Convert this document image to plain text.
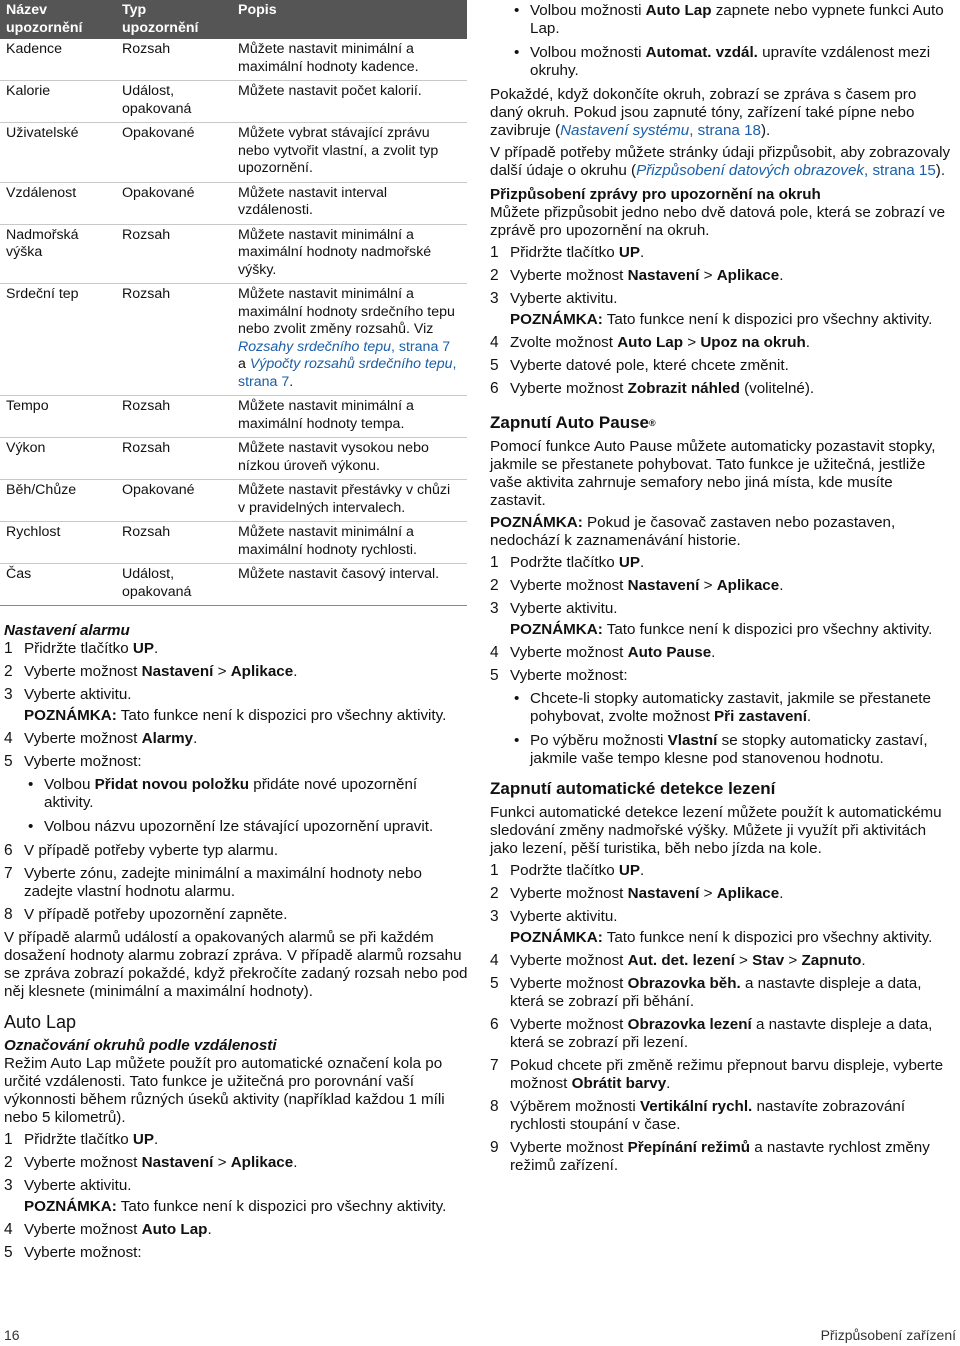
Název upozornění	Typ upozornění	Popis
Kadence	Rozsah	Můžete nastavit minimální a maximální hodnoty kadence.
Kalorie	Událost, opakovaná	Můžete nastavit počet kalorií.
Uživatelské	Opakované	Můžete vybrat stávající zprávu nebo vytvořit vlastní, a zvolit typ upozornění.
Vzdálenost	Opakované	Můžete nastavit interval vzdálenosti.
Nadmořská výška	Rozsah	Můžete nastavit minimální a maximální hodnoty nadmořské výšky.
Srdeční tep	Rozsah	Můžete nastavit minimální a maximální hodnoty srdečního tepu nebo zvolit změny rozsahů. Viz Rozsahy srdečního tepu, strana 7 a Výpočty rozsahů srdečního tepu, strana 7.
Tempo	Rozsah	Můžete nastavit minimální a maximální hodnoty tempa.
Výkon	Rozsah	Můžete nastavit vysokou nebo nízkou úroveň výkonu.
Běh/Chůze	Opakované	Můžete nastavit přestávky v chůzi v pravidelných intervalech.
Rychlost	Rozsah	Můžete nastavit minimální a maximální hodnoty rychlosti.
Čas	Událost, opakovaná	Můžete nastavit časový interval.
Nastavení alarmu
1 Přidržte tlačítko UP.
2 Vyberte možnost Nastavení > Aplikace.
3 Vyberte aktivitu.
POZNÁMKA: Tato funkce není k dispozici pro všechny aktivity.
4 Vyberte možnost Alarmy.
5 Vyberte možnost:
• Volbou Přidat novou položku přidáte nové upozornění aktivity.
• Volbou názvu upozornění lze stávající upozornění upravit.
6 V případě potřeby vyberte typ alarmu.
7 Vyberte zónu, zadejte minimální a maximální hodnoty nebo zadejte vlastní hodnotu alarmu.
8 V případě potřeby upozornění zapněte.

V případě alarmů událostí a opakovaných alarmů se při každém dosažení hodnoty alarmu zobrazí zpráva. V případě alarmů rozsahu se zpráva zobrazí pokaždé, když překročíte zadaný rozsah nebo pod něj klesnete (minimální a maximální hodnoty).

Auto Lap
Označování okruhů podle vzdálenosti

Režim Auto Lap můžete použít pro automatické označení kola po určité vzdálenosti. Tato funkce je užitečná pro porovnání vaší výkonnosti během různých úseků aktivity (například každou 1 míli nebo 5 kilometrů).

1 Přidržte tlačítko UP.
2 Vyberte možnost Nastavení > Aplikace.
3 Vyberte aktivitu.
POZNÁMKA: Tato funkce není k dispozici pro všechny aktivity.
4 Vyberte možnost Auto Lap.
5 Vyberte možnost:
• Volbou možnosti Auto Lap zapnete nebo vypnete funkci Auto Lap.
• Volbou možnosti Automat. vzdál. upravíte vzdálenost mezi okruhy.

Pokaždé, když dokončíte okruh, zobrazí se zpráva s časem pro daný okruh. Pokud jsou zapnuté tóny, zařízení také pípne nebo zavibruje (Nastavení systému, strana 18).

V případě potřeby můžete stránky údaji přizpůsobit, aby zobrazovaly další údaje o okruhu (Přizpůsobení datových obrazovek, strana 15).

Přizpůsobení zprávy pro upozornění na okruh

Můžete přizpůsobit jedno nebo dvě datová pole, která se zobrazí ve zprávě pro upozornění na okruh.

1 Přidržte tlačítko UP.
2 Vyberte možnost Nastavení > Aplikace.
3 Vyberte aktivitu.
POZNÁMKA: Tato funkce není k dispozici pro všechny aktivity.
4 Zvolte možnost Auto Lap > Upoz na okruh.
5 Vyberte datové pole, které chcete změnit.
6 Vyberte možnost Zobrazit náhled (volitelné).
Zapnutí Auto Pause®

Pomocí funkce Auto Pause můžete automaticky pozastavit stopky, jakmile se přestanete pohybovat. Tato funkce je užitečná, jestliže vaše aktivita zahrnuje semafory nebo jiná místa, kde musíte zastavit.

POZNÁMKA: Pokud je časovač zastaven nebo pozastaven, nedochází k zaznamenávání historie.

1 Podržte tlačítko UP.
2 Vyberte možnost Nastavení > Aplikace.
3 Vyberte aktivitu.
POZNÁMKA: Tato funkce není k dispozici pro všechny aktivity.
4 Vyberte možnost Auto Pause.
5 Vyberte možnost:
• Chcete-li stopky automaticky zastavit, jakmile se přestanete pohybovat, zvolte možnost Při zastavení.
• Po výběru možnosti Vlastní se stopky automaticky zastaví, jakmile vaše tempo klesne pod stanovenou hodnotu.
Zapnutí automatické detekce lezení

Funkci automatické detekce lezení můžete použít k automatickému sledování změny nadmořské výšky. Můžete ji využít při aktivitách jako lezení, pěší turistika, běh nebo jízda na kole.

1 Podržte tlačítko UP.
2 Vyberte možnost Nastavení > Aplikace.
3 Vyberte aktivitu.
POZNÁMKA: Tato funkce není k dispozici pro všechny aktivity.
4 Vyberte možnost Aut. det. lezení > Stav > Zapnuto.
5 Vyberte možnost Obrazovka běh. a nastavte displeje a data, která se zobrazí při běhání.
6 Vyberte možnost Obrazovka lezení a nastavte displeje a data, která se zobrazí při lezení.
7 Pokud chcete při změně režimu přepnout barvu displeje, vyberte možnost Obrátit barvy.
8 Výběrem možnosti Vertikální rychl. nastavíte zobrazování rychlosti stoupání v čase.
9 Vyberte možnost Přepínání režimů a nastavte rychlost změny režimů zařízení.
16	Přizpůsobení zařízení
